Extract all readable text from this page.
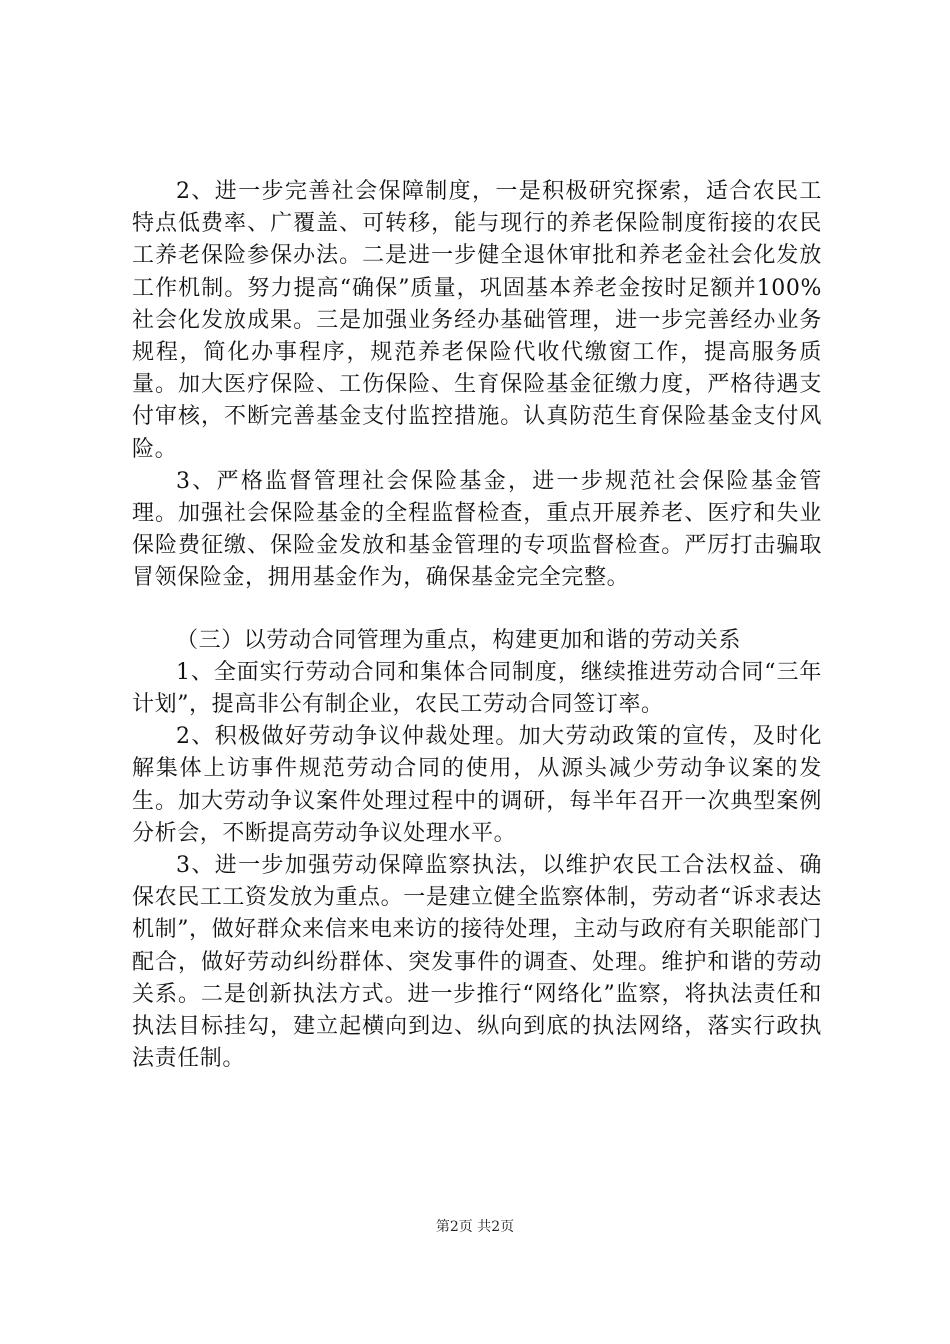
2、进一步完善社会保障制度，一是积极研究探索，适合农民工特点低费率、广覆盖、可转移，能与现行的养老保险制度衔接的农民工养老保险参保办法。二是进一步健全退休审批和养老金社会化发放工作机制。努力提高“确保”质量，巩固基本养老金按时足额并100%社会化发放成果。三是加强业务经办基础管理，进一步完善经办业务规程，简化办事程序，规范养老保险代收代缴窗工作，提高服务质量。加大医疗保险、工伤保险、生育保险基金征缴力度，严格待遇支付审核，不断完善基金支付监控措施。认真防范生育保险基金支付风险。

3、严格监督管理社会保险基金，进一步规范社会保险基金管理。加强社会保险基金的全程监督检查，重点开展养老、医疗和失业保险费征缴、保险金发放和基金管理的专项监督检查。严厉打击骗取冒领保险金，拥用基金作为，确保基金完全完整。

（三）以劳动合同管理为重点，构建更加和谐的劳动关系

1、全面实行劳动合同和集体合同制度，继续推进劳动合同“三年计划”，提高非公有制企业，农民工劳动合同签订率。

2、积极做好劳动争议仲裁处理。加大劳动政策的宣传，及时化解集体上访事件规范劳动合同的使用，从源头减少劳动争议案的发生。加大劳动争议案件处理过程中的调研，每半年召开一次典型案例分析会，不断提高劳动争议处理水平。

3、进一步加强劳动保障监察执法，以维护农民工合法权益、确保农民工工资发放为重点。一是建立健全监察体制，劳动者“诉求表达机制”，做好群众来信来电来访的接待处理，主动与政府有关职能部门配合，做好劳动纠纷群体、突发事件的调查、处理。维护和谐的劳动关系。二是创新执法方式。进一步推行“网络化”监察，将执法责任和执法目标挂勾，建立起横向到边、纵向到底的执法网络，落实行政执法责任制。

第2页 共2页
